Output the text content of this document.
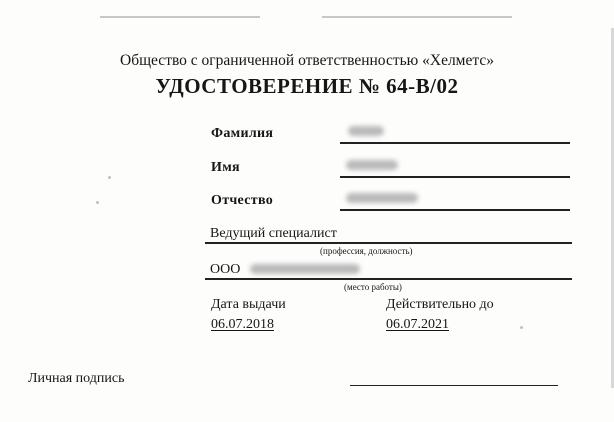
Общество с ограниченной ответственностью «Хелметс»
УДОСТОВЕРЕНИЕ № 64-В/02
Фамилия
Имя
Отчество
Ведущий специалист
(профессия, должность)
ООО
(место работы)
Дата выдачи
06.07.2018
Действительно до
06.07.2021
Личная подпись
